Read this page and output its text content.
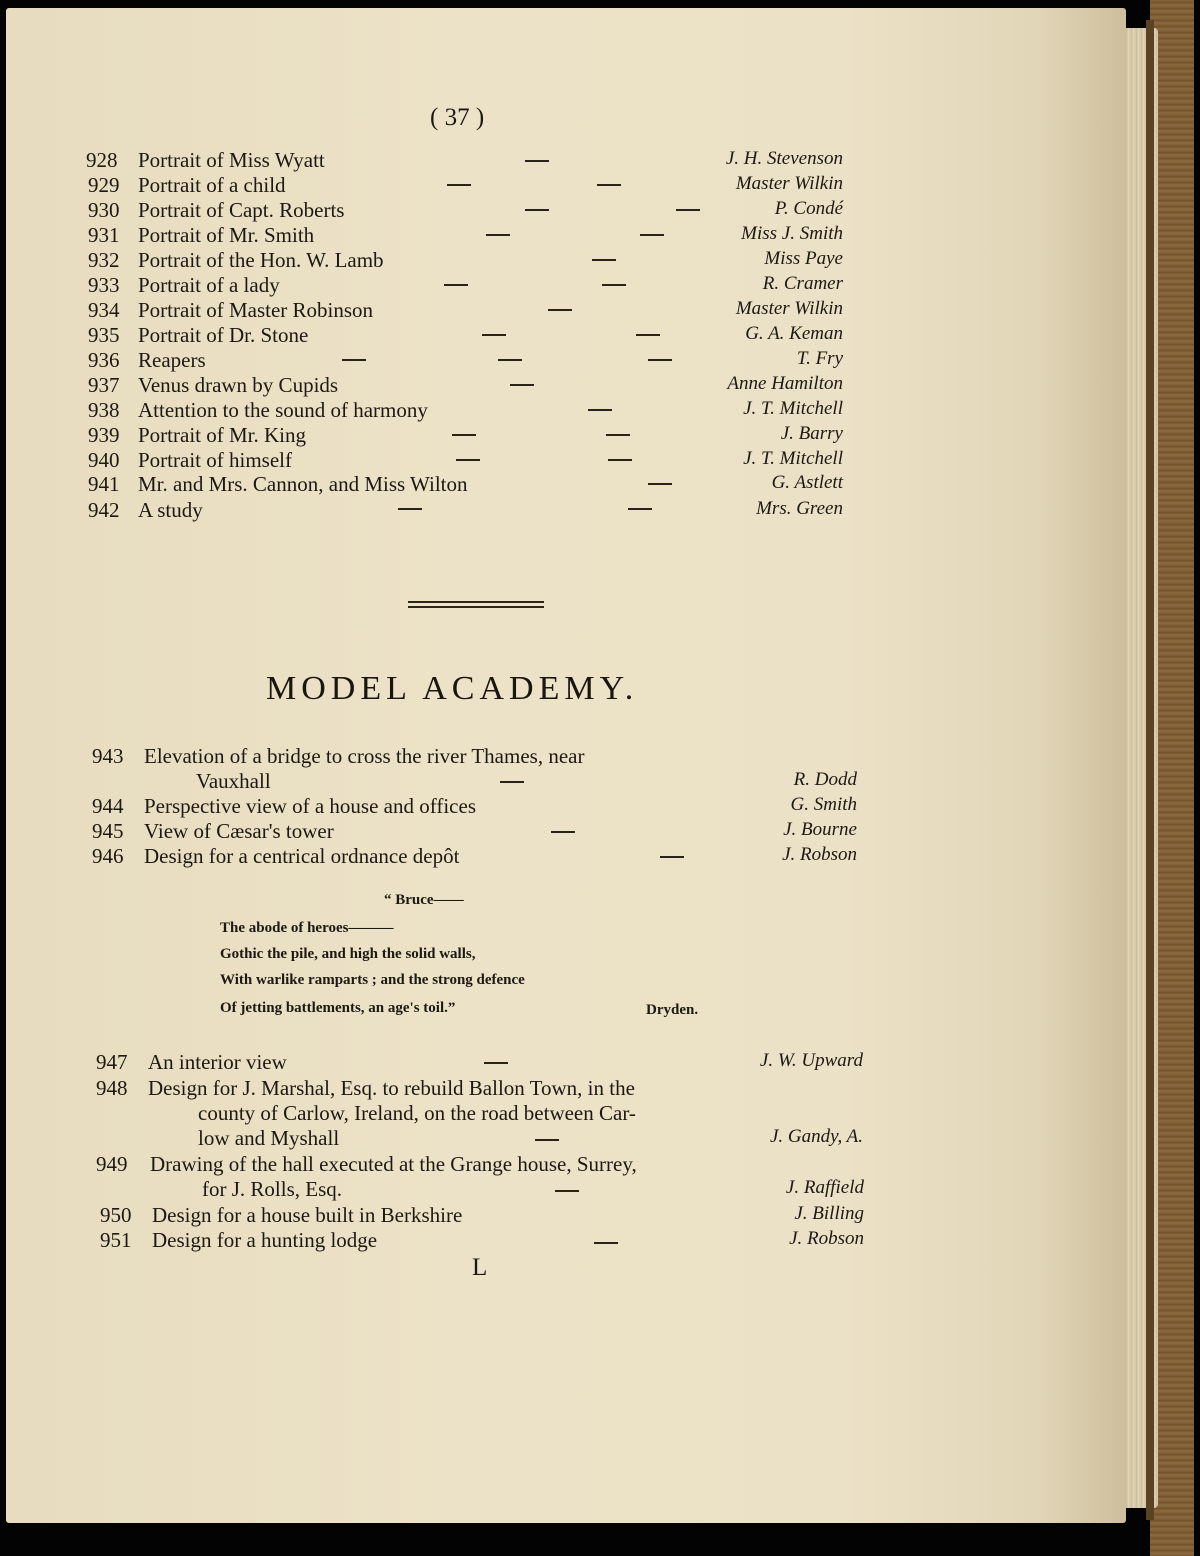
( 37 )
928 Portrait of Miss Wyatt	J. H. Stevenson
929 Portrait of a child	Master Wilkin
930 Portrait of Capt. Roberts	P. Condé
931 Portrait of Mr. Smith	Miss J. Smith
932 Portrait of the Hon. W. Lamb	Miss Paye
933 Portrait of a lady	R. Cramer
934 Portrait of Master Robinson	Master Wilkin
935 Portrait of Dr. Stone	G. A. Keman
936 Reapers	T. Fry
937 Venus drawn by Cupids	Anne Hamilton
938 Attention to the sound of harmony	J. T. Mitchell
939 Portrait of Mr. King	J. Barry
940 Portrait of himself	J. T. Mitchell
941 Mr. and Mrs. Cannon, and Miss Wilton	G. Astlett
942 A study	Mrs. Green
MODEL ACADEMY.
943 Elevation of a bridge to cross the river Thames, near
Vauxhall	R. Dodd
944 Perspective view of a house and offices	G. Smith
945 View of Cæsar's tower	J. Bourne
946 Design for a centrical ordnance depôt	J. Robson
“ Bruce——
The abode of heroes———
Gothic the pile, and high the solid walls,
With warlike ramparts ; and the strong defence
Of jetting battlements, an age's toil.”	Dryden.
947 An interior view	J. W. Upward
948 Design for J. Marshal, Esq. to rebuild Ballon Town, in the
county of Carlow, Ireland, on the road between Car-
low and Myshall	J. Gandy, A.
949 Drawing of the hall executed at the Grange house, Surrey,
for J. Rolls, Esq.	J. Raffield
950 Design for a house built in Berkshire	J. Billing
951 Design for a hunting lodge	J. Robson
L
